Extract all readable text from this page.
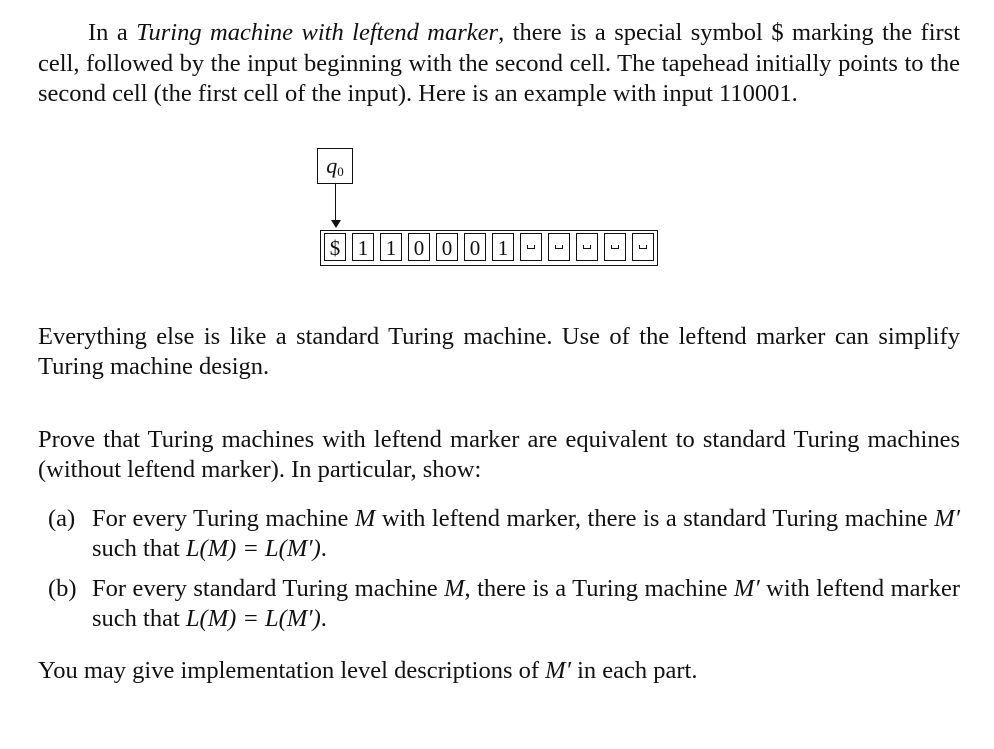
In a Turing machine with leftend marker, there is a special symbol $ marking the first cell, followed by the input beginning with the second cell. The tapehead initially points to the second cell (the first cell of the input). Here is an example with input 110001.

$q_0$
$ 1 1 0 0 0 1

Everything else is like a standard Turing machine. Use of the leftend marker can simplify Turing machine design.

Prove that Turing machines with leftend marker are equivalent to standard Turing machines (without leftend marker). In particular, show:

(a) For every Turing machine M with leftend marker, there is a standard Turing machine M′ such that L(M) = L(M′).
(b) For every standard Turing machine M, there is a Turing machine M′ with leftend marker such that L(M) = L(M′).

You may give implementation level descriptions of M′ in each part.
